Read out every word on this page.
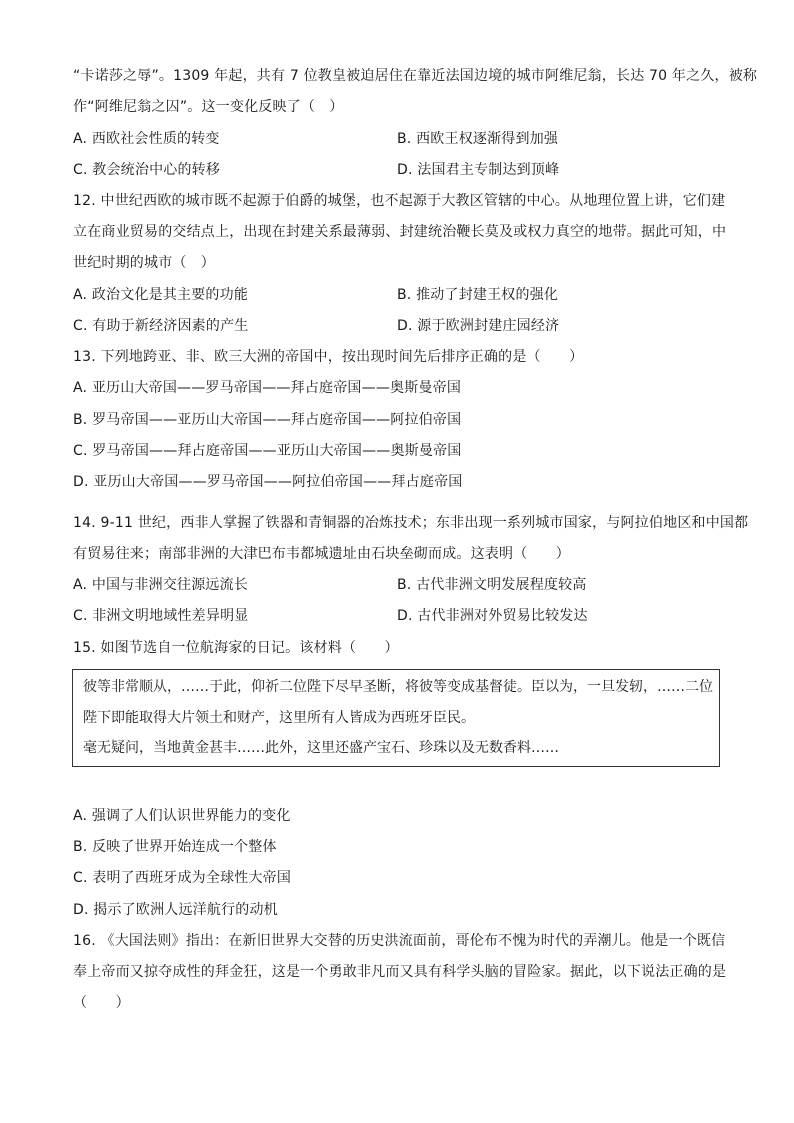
“卡诺莎之辱”。1309 年起，共有 7 位教皇被迫居住在靠近法国边境的城市阿维尼翁，长达 70 年之久，被称
作“阿维尼翁之囚”。这一变化反映了（　）
A. 西欧社会性质的转变	B. 西欧王权逐渐得到加强
C. 教会统治中心的转移	D. 法国君主专制达到顶峰
12. 中世纪西欧的城市既不起源于伯爵的城堡，也不起源于大教区管辖的中心。从地理位置上讲，它们建
立在商业贸易的交结点上，出现在封建关系最薄弱、封建统治鞭长莫及或权力真空的地带。据此可知，中
世纪时期的城市（　）
A. 政治文化是其主要的功能	B. 推动了封建王权的强化
C. 有助于新经济因素的产生	D. 源于欧洲封建庄园经济
13. 下列地跨亚、非、欧三大洲的帝国中，按出现时间先后排序正确的是（　　）
A. 亚历山大帝国——罗马帝国——拜占庭帝国——奥斯曼帝国
B. 罗马帝国——亚历山大帝国——拜占庭帝国——阿拉伯帝国
C. 罗马帝国——拜占庭帝国——亚历山大帝国——奥斯曼帝国
D. 亚历山大帝国——罗马帝国——阿拉伯帝国——拜占庭帝国
14. 9-11 世纪，西非人掌握了铁器和青铜器的冶炼技术；东非出现一系列城市国家，与阿拉伯地区和中国都
有贸易往来；南部非洲的大津巴布韦都城遗址由石块垒砌而成。这表明（　　）
A. 中国与非洲交往源远流长	B. 古代非洲文明发展程度较高
C. 非洲文明地域性差异明显	D. 古代非洲对外贸易比较发达
15. 如图节选自一位航海家的日记。该材料（　　）
彼等非常顺从，……于此，仰祈二位陛下尽早圣断，将彼等变成基督徒。臣以为，一旦发轫，……二位
陛下即能取得大片领土和财产，这里所有人皆成为西班牙臣民。
毫无疑问，当地黄金甚丰……此外，这里还盛产宝石、珍珠以及无数香料……
A. 强调了人们认识世界能力的变化
B. 反映了世界开始连成一个整体
C. 表明了西班牙成为全球性大帝国
D. 揭示了欧洲人远洋航行的动机
16. 《大国法则》指出：在新旧世界大交替的历史洪流面前，哥伦布不愧为时代的弄潮儿。他是一个既信
奉上帝而又掠夺成性的拜金狂，这是一个勇敢非凡而又具有科学头脑的冒险家。据此，以下说法正确的是
（　　）
